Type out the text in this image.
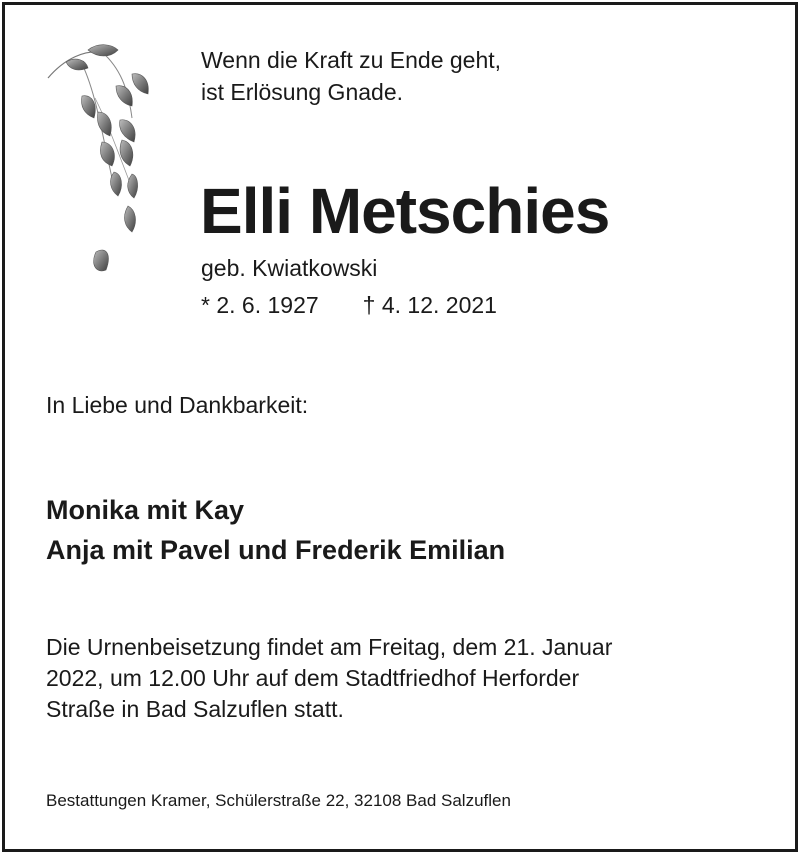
Wenn die Kraft zu Ende geht,
ist Erlösung Gnade.

Elli Metschies
geb. Kwiatkowski
* 2. 6. 1927 † 4. 12. 2021
In Liebe und Dankbarkeit:

Monika mit Kay
Anja mit Pavel und Frederik Emilian

Die Urnenbeisetzung findet am Freitag, dem 21. Januar
2022, um 12.00 Uhr auf dem Stadtfriedhof Herforder
Straße in Bad Salzuflen statt.

Bestattungen Kramer, Schülerstraße 22, 32108 Bad Salzuflen
